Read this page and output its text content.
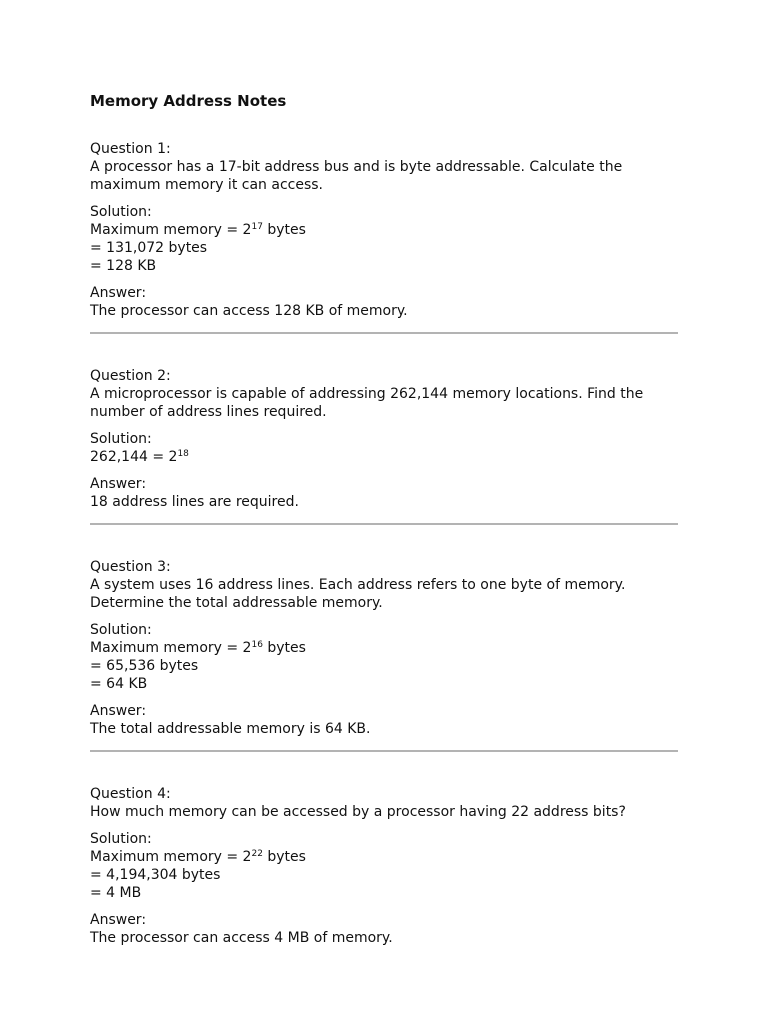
Memory Address Notes
Question 1:
A processor has a 17-bit address bus and is byte addressable. Calculate the maximum memory it can access.
Solution:
Maximum memory = $2^{17}$ bytes
= 131,072 bytes
= 128 KB
Answer:
The processor can access 128 KB of memory.
Question 2:
A microprocessor is capable of addressing 262,144 memory locations. Find the number of address lines required.
Solution:
$262,144 = 2^{18}$
Answer:
18 address lines are required.
Question 3:
A system uses 16 address lines. Each address refers to one byte of memory. Determine the total addressable memory.
Solution:
Maximum memory = $2^{16}$ bytes
= 65,536 bytes
= 64 KB
Answer:
The total addressable memory is 64 KB.
Question 4:
How much memory can be accessed by a processor having 22 address bits?
Solution:
Maximum memory = $2^{22}$ bytes
= 4,194,304 bytes
= 4 MB
Answer:
The processor can access 4 MB of memory.
